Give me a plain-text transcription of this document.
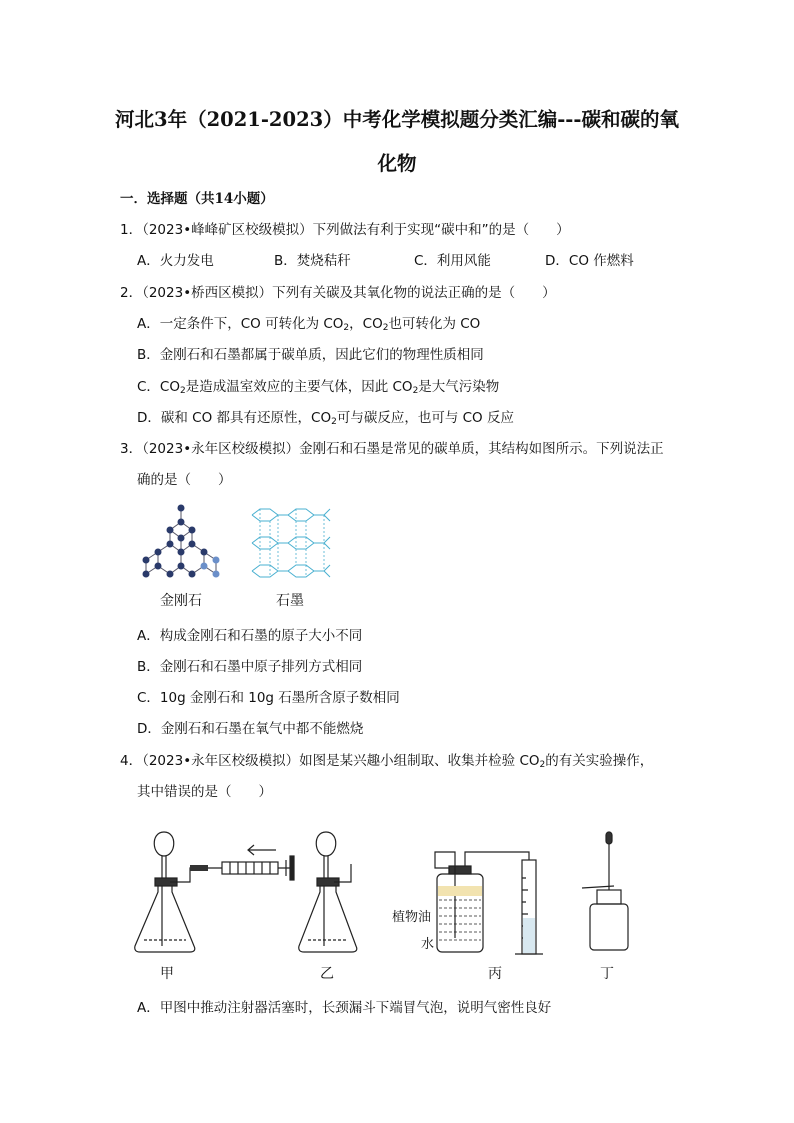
河北3年（2021-2023）中考化学模拟题分类汇编---碳和碳的氧
化物
一．选择题（共14小题）
1．（2023•峰峰矿区校级模拟）下列做法有利于实现“碳中和”的是（　　）
A．火力发电	B．焚烧秸秆	C．利用风能	D．CO 作燃料
2．（2023•桥西区模拟）下列有关碳及其氧化物的说法正确的是（　　）
A．一定条件下，CO 可转化为 $CO_2$，$CO_2$也可转化为 CO
B．金刚石和石墨都属于碳单质，因此它们的物理性质相同
C．$CO_2$是造成温室效应的主要气体，因此 $CO_2$是大气污染物
D．碳和 CO 都具有还原性，$CO_2$可与碳反应，也可与 CO 反应
3．（2023•永年区校级模拟）金刚石和石墨是常见的碳单质，其结构如图所示。下列说法正
确的是（　　）
金刚石	石墨
A．构成金刚石和石墨的原子大小不同
B．金刚石和石墨中原子排列方式相同
C．10g 金刚石和 10g 石墨所含原子数相同
D．金刚石和石墨在氧气中都不能燃烧
4．（2023•永年区校级模拟）如图是某兴趣小组制取、收集并检验 $CO_2$的有关实验操作，
其中错误的是（　　）
甲	乙
植物油
水
丙	丁
A．甲图中推动注射器活塞时，长颈漏斗下端冒气泡，说明气密性良好
